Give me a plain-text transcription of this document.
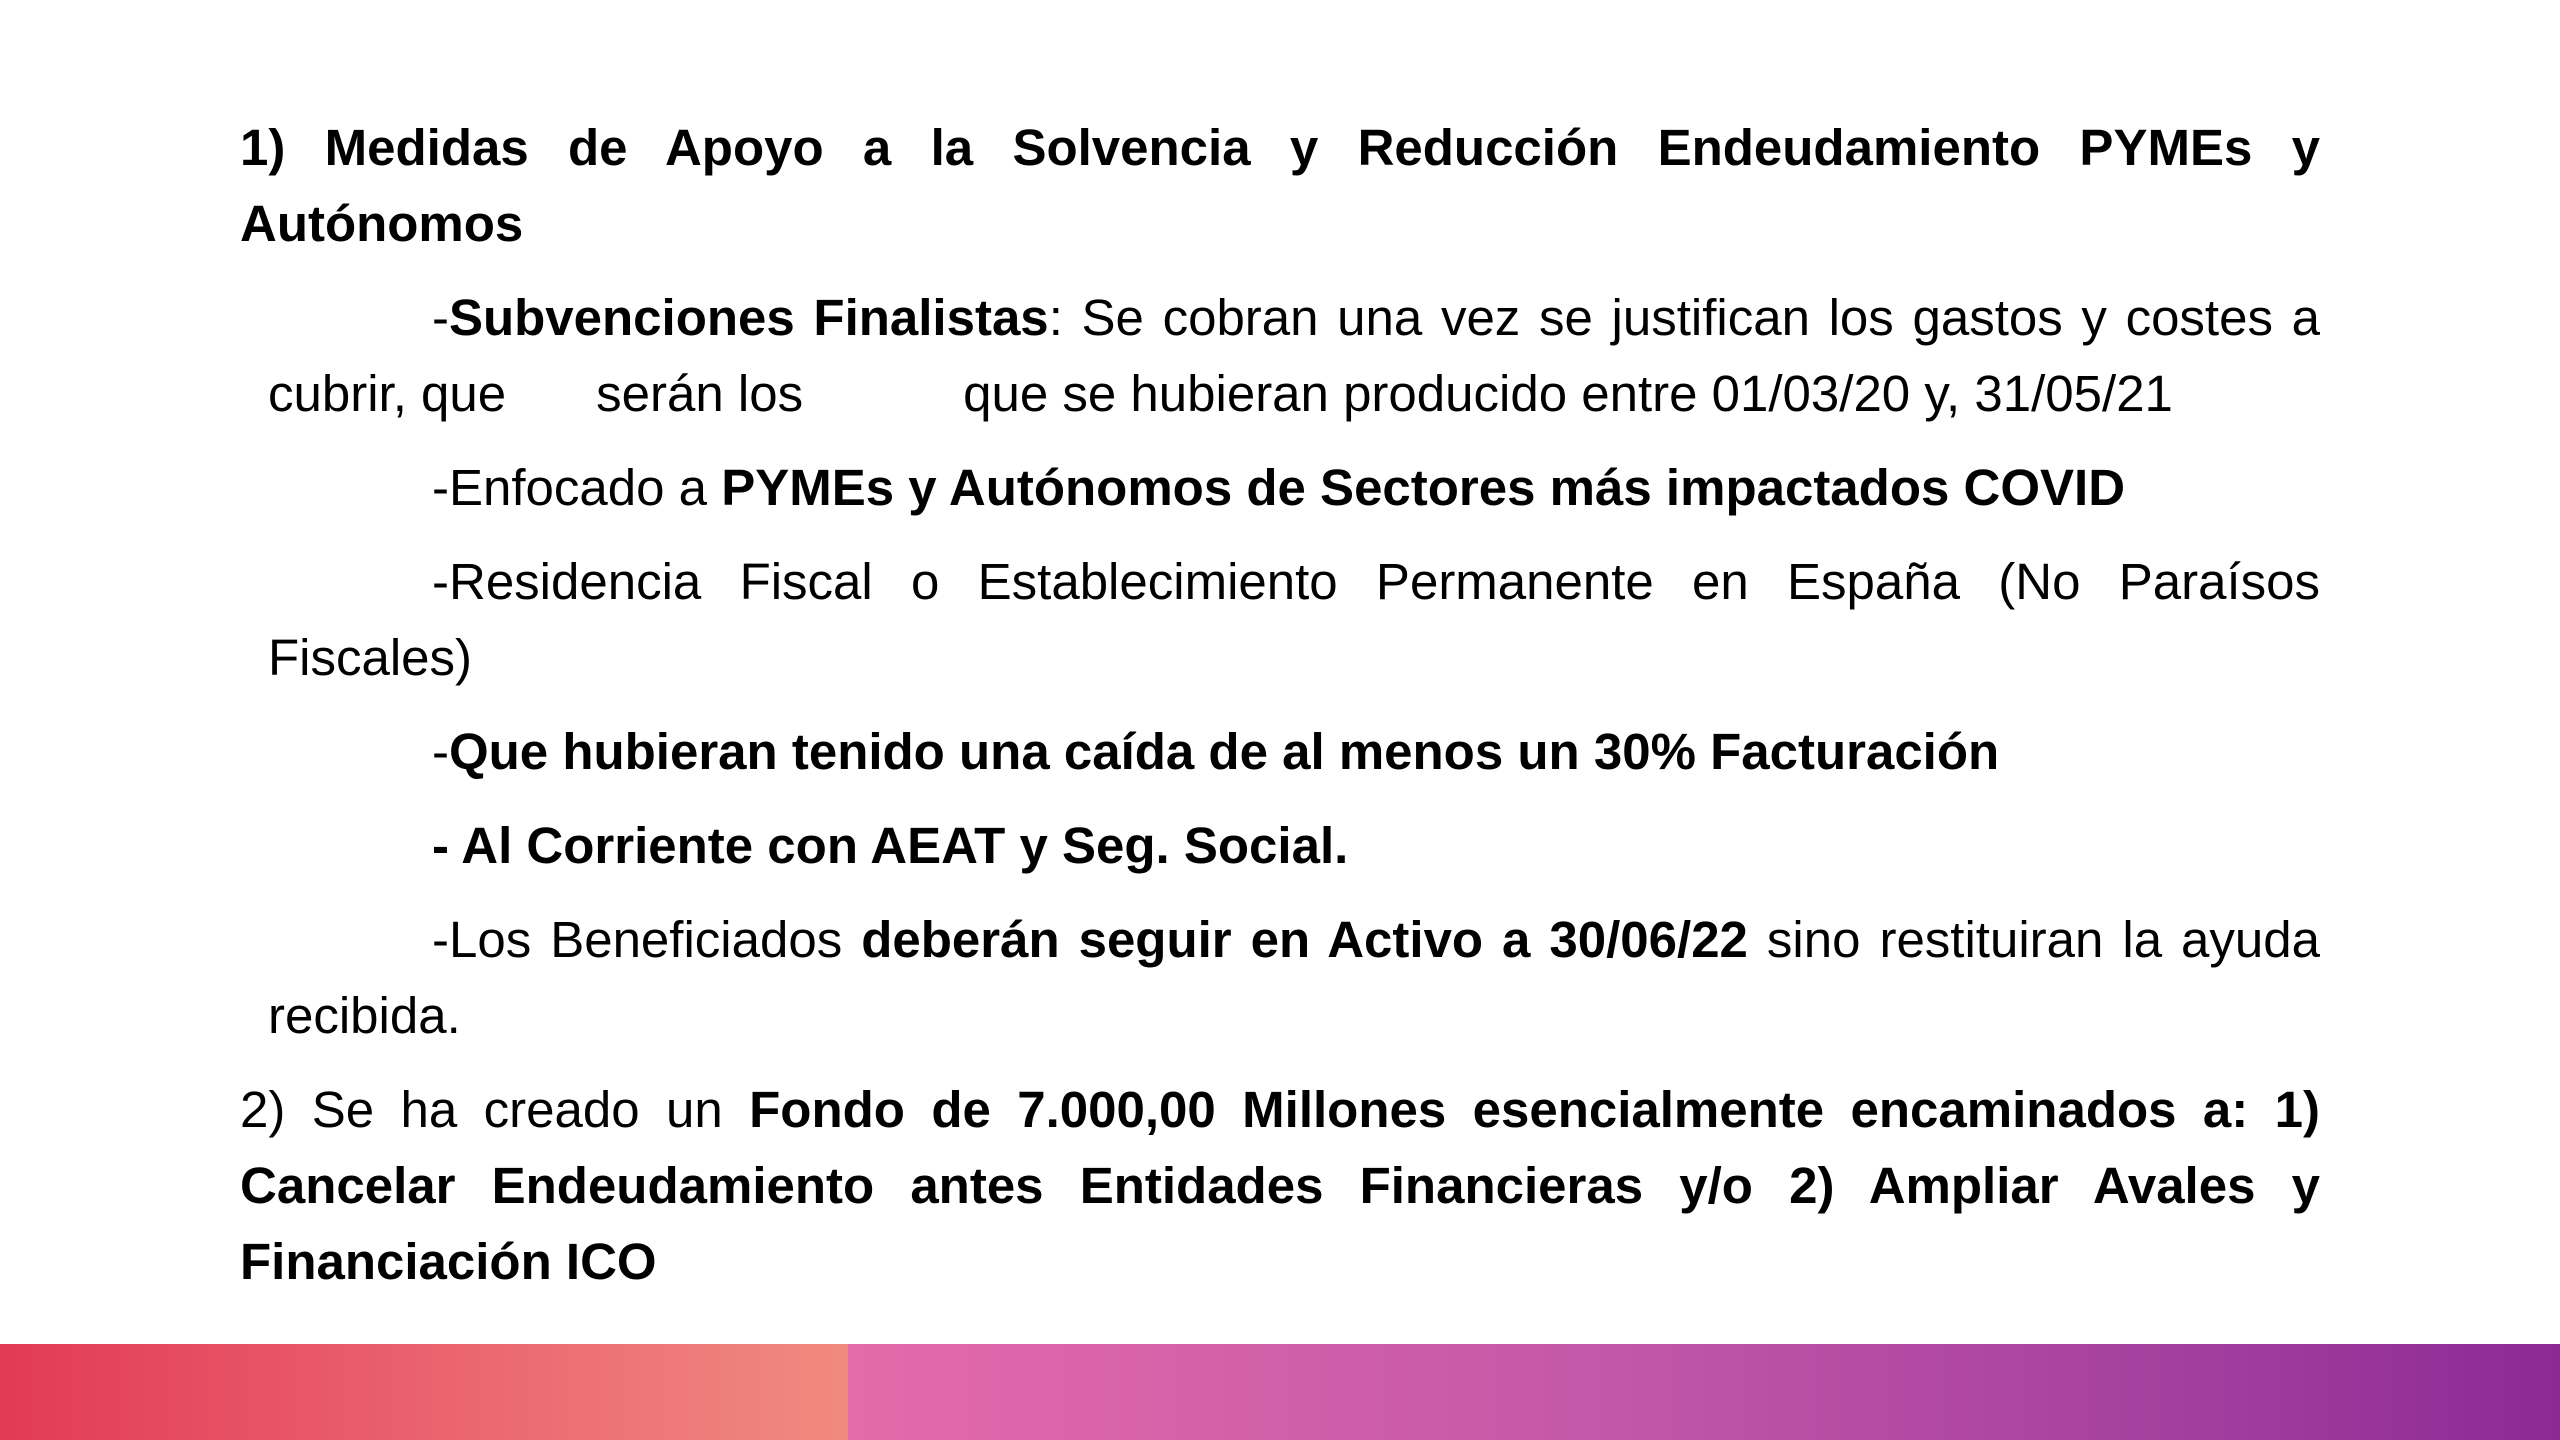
1) Medidas de Apoyo a la Solvencia y Reducción Endeudamiento PYMEs y Autónomos

-Subvenciones Finalistas: Se cobran una vez se justifican los gastos y costes a cubrir, que serán los	que se hubieran producido entre 01/03/20 y, 31/05/21

-Enfocado a PYMEs y Autónomos de Sectores más impactados COVID

-Residencia Fiscal o Establecimiento Permanente en España (No Paraísos Fiscales)

-Que hubieran tenido una caída de al menos un 30% Facturación

- Al Corriente con AEAT y Seg. Social.

-Los Beneficiados deberán seguir en Activo a 30/06/22 sino restituiran la ayuda recibida.

2) Se ha creado un Fondo de 7.000,00 Millones esencialmente encaminados a: 1) Cancelar Endeudamiento antes Entidades Financieras y/o 2) Ampliar Avales y Financiación ICO
